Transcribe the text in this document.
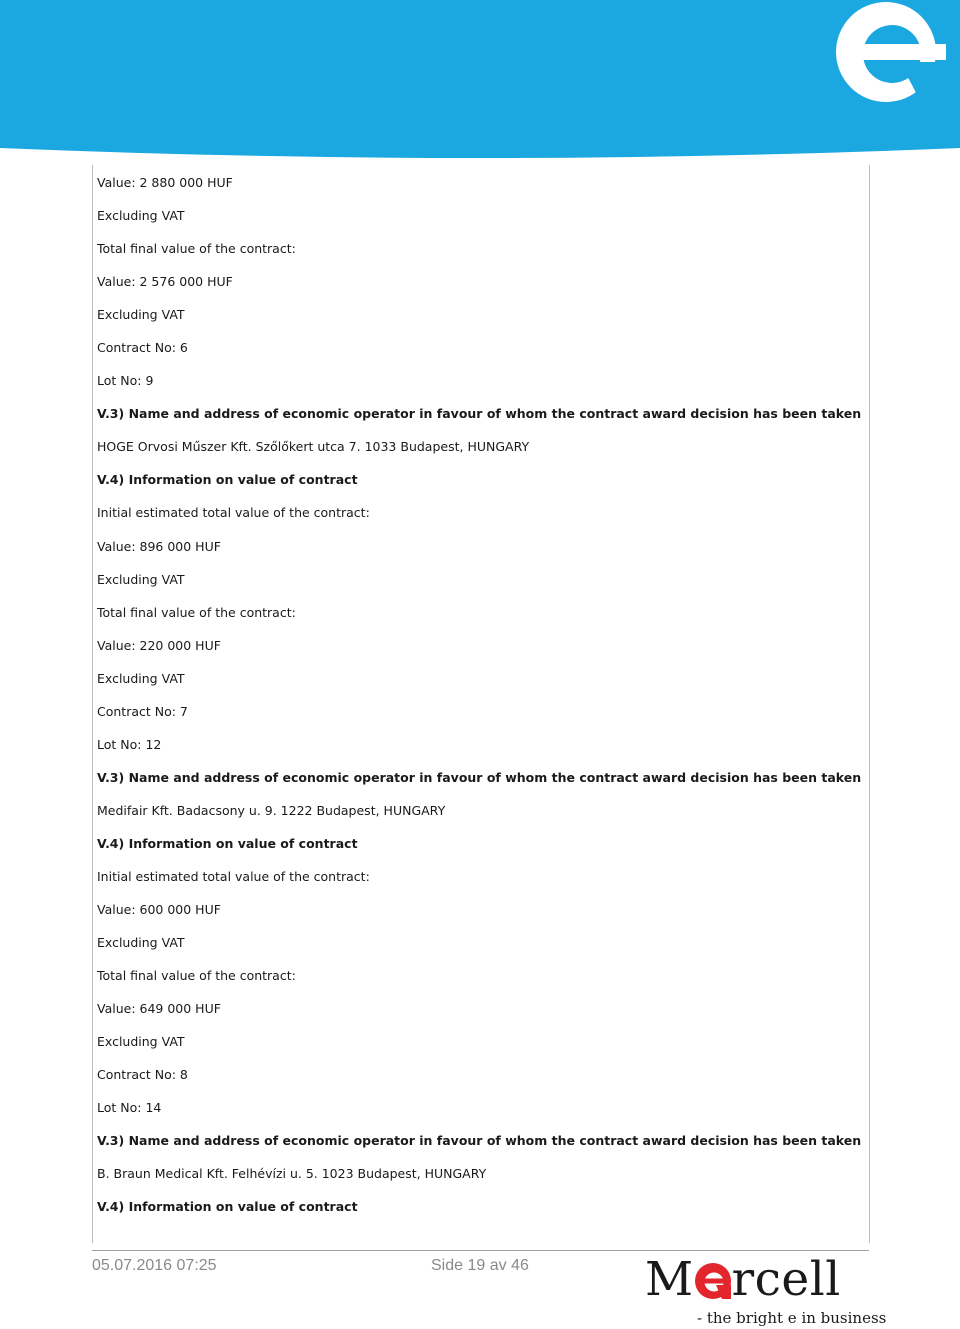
Value: 2 880 000 HUF
Excluding VAT
Total final value of the contract:
Value: 2 576 000 HUF
Excluding VAT
Contract No: 6
Lot No: 9
V.3) Name and address of economic operator in favour of whom the contract award decision has been taken
HOGE Orvosi Műszer Kft. Szőlőkert utca 7. 1033 Budapest, HUNGARY
V.4) Information on value of contract
Initial estimated total value of the contract:
Value: 896 000 HUF
Excluding VAT
Total final value of the contract:
Value: 220 000 HUF
Excluding VAT
Contract No: 7
Lot No: 12
V.3) Name and address of economic operator in favour of whom the contract award decision has been taken
Medifair Kft. Badacsony u. 9. 1222 Budapest, HUNGARY
V.4) Information on value of contract
Initial estimated total value of the contract:
Value: 600 000 HUF
Excluding VAT
Total final value of the contract:
Value: 649 000 HUF
Excluding VAT
Contract No: 8
Lot No: 14
V.3) Name and address of economic operator in favour of whom the contract award decision has been taken
B. Braun Medical Kft. Felhévízi u. 5. 1023 Budapest, HUNGARY
V.4) Information on value of contract
05.07.2016 07:25	Side 19 av 46 M rcell
- the bright e in business
